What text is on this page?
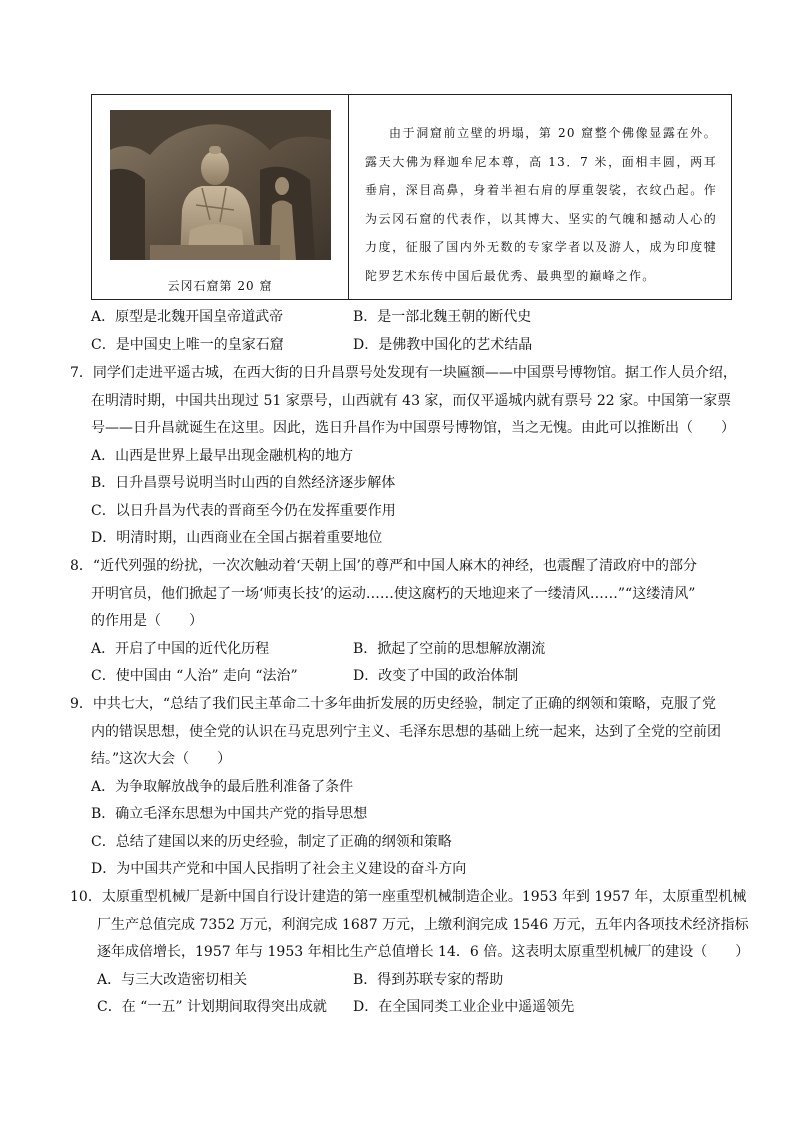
云冈石窟第 20 窟

由于洞窟前立壁的坍塌，第 20 窟整个佛像显露在外。露天大佛为释迦牟尼本尊，高 13．7 米，面相丰圆，两耳垂肩，深目高鼻，身着半袒右肩的厚重袈裟，衣纹凸起。作为云冈石窟的代表作，以其博大、坚实的气魄和撼动人心的力度，征服了国内外无数的专家学者以及游人，成为印度犍陀罗艺术东传中国后最优秀、最典型的巅峰之作。

A．原型是北魏开国皇帝道武帝	B．是一部北魏王朝的断代史
C．是中国史上唯一的皇家石窟	D．是佛教中国化的艺术结晶
7．同学们走进平遥古城，在西大街的日升昌票号处发现有一块匾额——中国票号博物馆。据工作人员介绍，
在明清时期，中国共出现过 51 家票号，山西就有 43 家，而仅平遥城内就有票号 22 家。中国第一家票
号——日升昌就诞生在这里。因此，选日升昌作为中国票号博物馆，当之无愧。由此可以推断出（　　）
A．山西是世界上最早出现金融机构的地方
B．日升昌票号说明当时山西的自然经济逐步解体
C．以日升昌为代表的晋商至今仍在发挥重要作用
D．明清时期，山西商业在全国占据着重要地位
8．“近代列强的纷扰，一次次触动着‘天朝上国’的尊严和中国人麻木的神经，也震醒了清政府中的部分
开明官员，他们掀起了一场‘师夷长技’的运动……使这腐朽的天地迎来了一缕清风……”“这缕清风”
的作用是（　　）
A．开启了中国的近代化历程	B．掀起了空前的思想解放潮流
C．使中国由 “人治” 走向 “法治”	D．改变了中国的政治体制
9．中共七大，“总结了我们民主革命二十多年曲折发展的历史经验，制定了正确的纲领和策略，克服了党
内的错误思想，使全党的认识在马克思列宁主义、毛泽东思想的基础上统一起来，达到了全党的空前团
结。”这次大会（　　）
A．为争取解放战争的最后胜利准备了条件
B．确立毛泽东思想为中国共产党的指导思想
C．总结了建国以来的历史经验，制定了正确的纲领和策略
D．为中国共产党和中国人民指明了社会主义建设的奋斗方向
10．太原重型机械厂是新中国自行设计建造的第一座重型机械制造企业。1953 年到 1957 年，太原重型机械
厂生产总值完成 7352 万元，利润完成 1687 万元，上缴利润完成 1546 万元，五年内各项技术经济指标
逐年成倍增长，1957 年与 1953 年相比生产总值增长 14．6 倍。这表明太原重型机械厂的建设（　　）
A．与三大改造密切相关	B．得到苏联专家的帮助
C．在 “一五” 计划期间取得突出成就 D．在全国同类工业企业中遥遥领先
